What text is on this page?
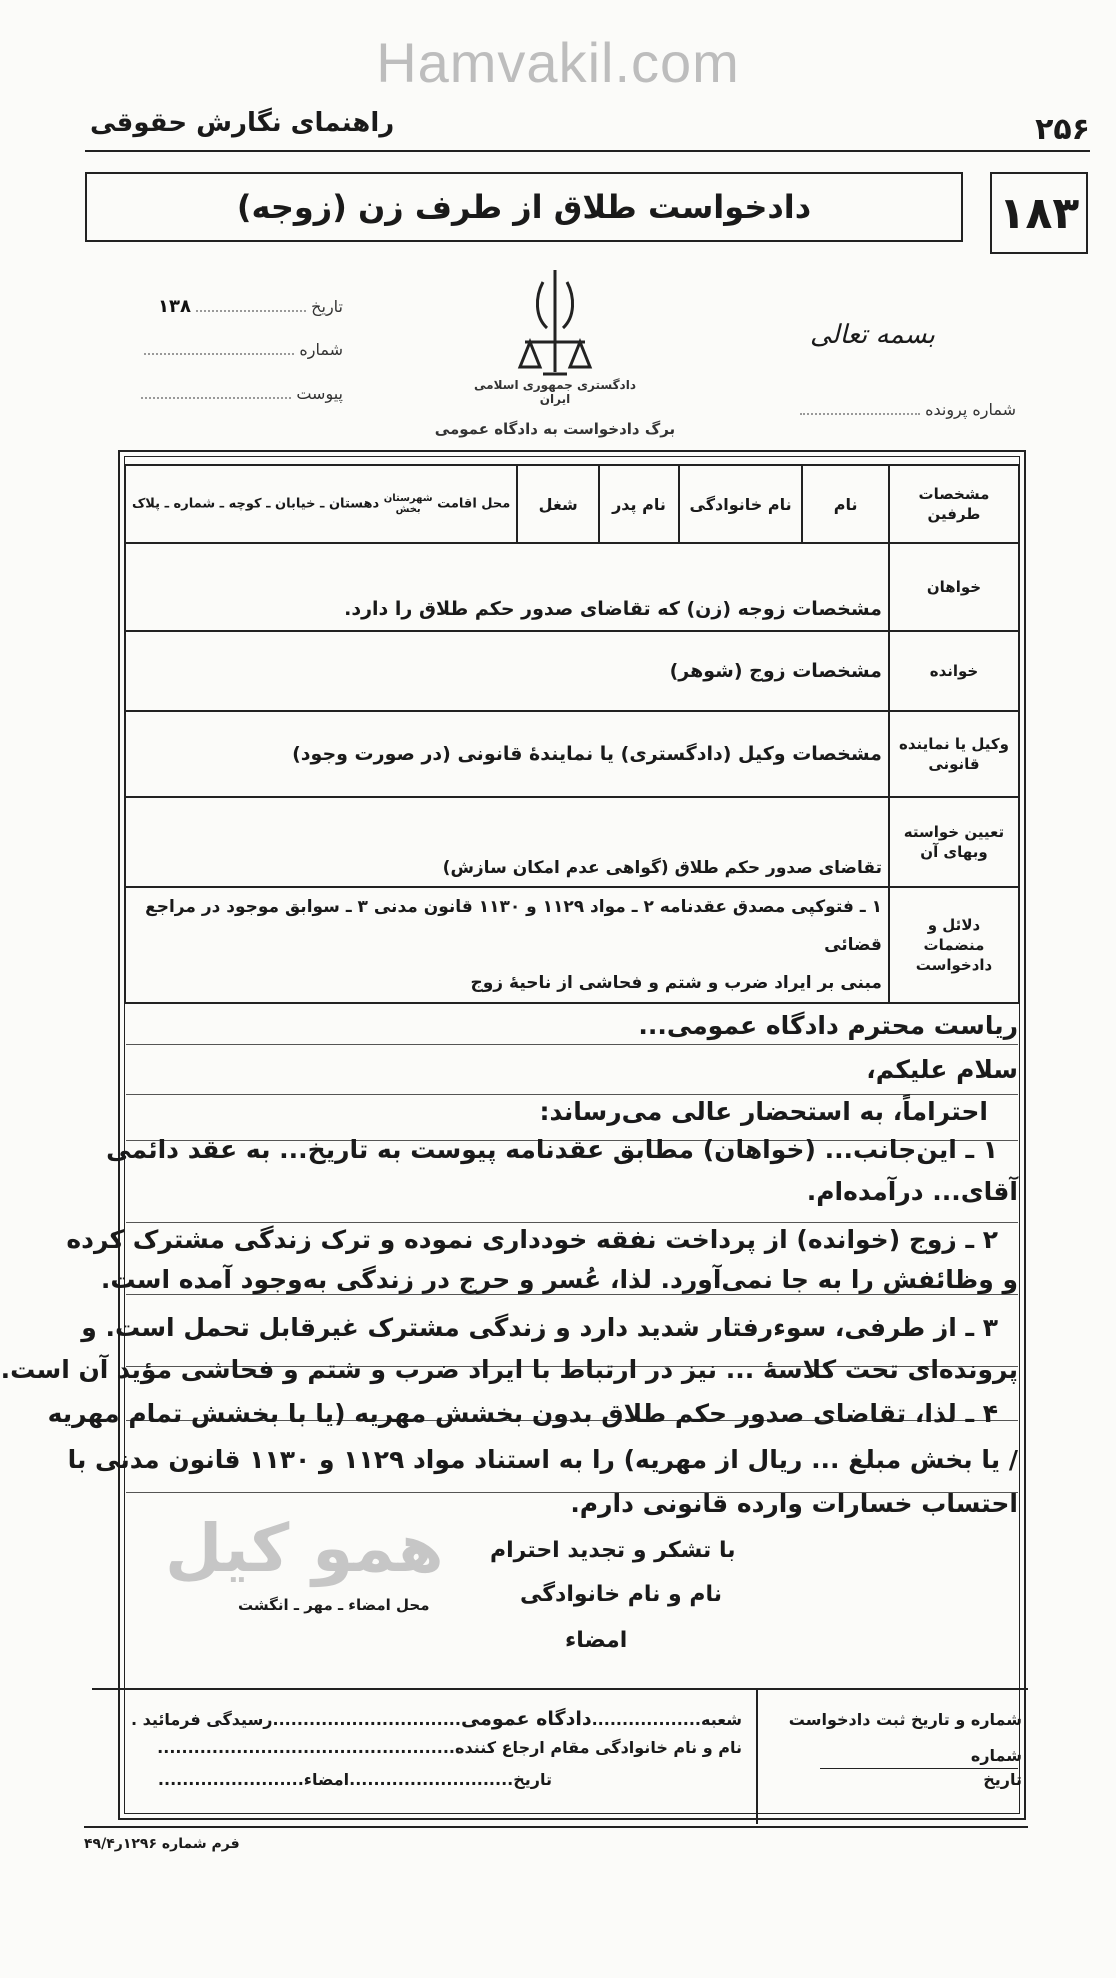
Hamvakil.com
راهنمای نگارش حقوقی	۲۵۶
دادخواست طلاق از طرف زن (زوجه)	۱۸۳
بسمه تعالی
شماره پرونده
دادگستری جمهوری اسلامی ایران
برگ دادخواست به دادگاه عمومی
تاریخ  ۱۳۸
شماره
پیوست
مشخصات طرفین	نام	نام خانوادگی	نام پدر	شغل	محل اقامت شهرستان
بخش دهستان ـ خیابان ـ کوچه ـ شماره ـ پلاک
خواهان	مشخصات زوجه (زن) که تقاضای صدور حکم طلاق را دارد.				
خوانده	مشخصات زوج (شوهر)				
وکیل یا نماینده قانونی	مشخصات وکیل (دادگستری) یا نمایندهٔ قانونی (در صورت وجود)				
تعیین خواسته وبهای آن	تقاضای صدور حکم طلاق (گواهی عدم امکان سازش)				
دلائل و منضمات دادخواست	۱ ـ فتوکپی مصدق عقدنامه ۲ ـ مواد ۱۱۲۹ و ۱۱۳۰ قانون مدنی ۳ ـ سوابق موجود در مراجع قضائی
مبنی بر ایراد ضرب و شتم و فحاشی از ناحیهٔ زوج				
ریاست محترم دادگاه عمومی...
سلام علیکم،
احتراماً، به استحضار عالی می‌رساند:
۱ ـ این‌جانب... (خواهان) مطابق عقدنامه پیوست به تاریخ... به عقد دائمی
آقای... درآمده‌ام.
۲ ـ زوج (خوانده) از پرداخت نفقه خودداری نموده و ترک زندگی مشترک کرده
و وظائفش را به جا نمی‌آورد. لذا، عُسر و حرج در زندگی به‌وجود آمده است.
۳ ـ از طرفی، سوءرفتار شدید دارد و زندگی مشترک غیرقابل تحمل است. و
پرونده‌ای تحت کلاسهٔ ... نیز در ارتباط با ایراد ضرب و شتم و فحاشی مؤید آن است.
۴ ـ لذا، تقاضای صدور حکم طلاق بدون بخشش مهریه (یا با بخشش تمام مهریه
/ یا بخش مبلغ ... ریال از مهریه) را به استناد مواد ۱۱۲۹ و ۱۱۳۰ قانون مدنی با
احتساب خسارات وارده قانونی دارم.
با تشکر و تجدید احترام
همو کیل
نام و نام خانوادگی
محل امضاء ـ مهر ـ انگشت
امضاء
شماره و تاریخ ثبت دادخواست
شماره
تاریخ
شعبه..................دادگاه عمومی...............................رسیدگی فرمائید .
نام و نام خانوادگی مقام ارجاع کننده.................................................
تاریخ...........................امضاء........................
فرم شماره ۱۲۹۶ر۴۹/۴
